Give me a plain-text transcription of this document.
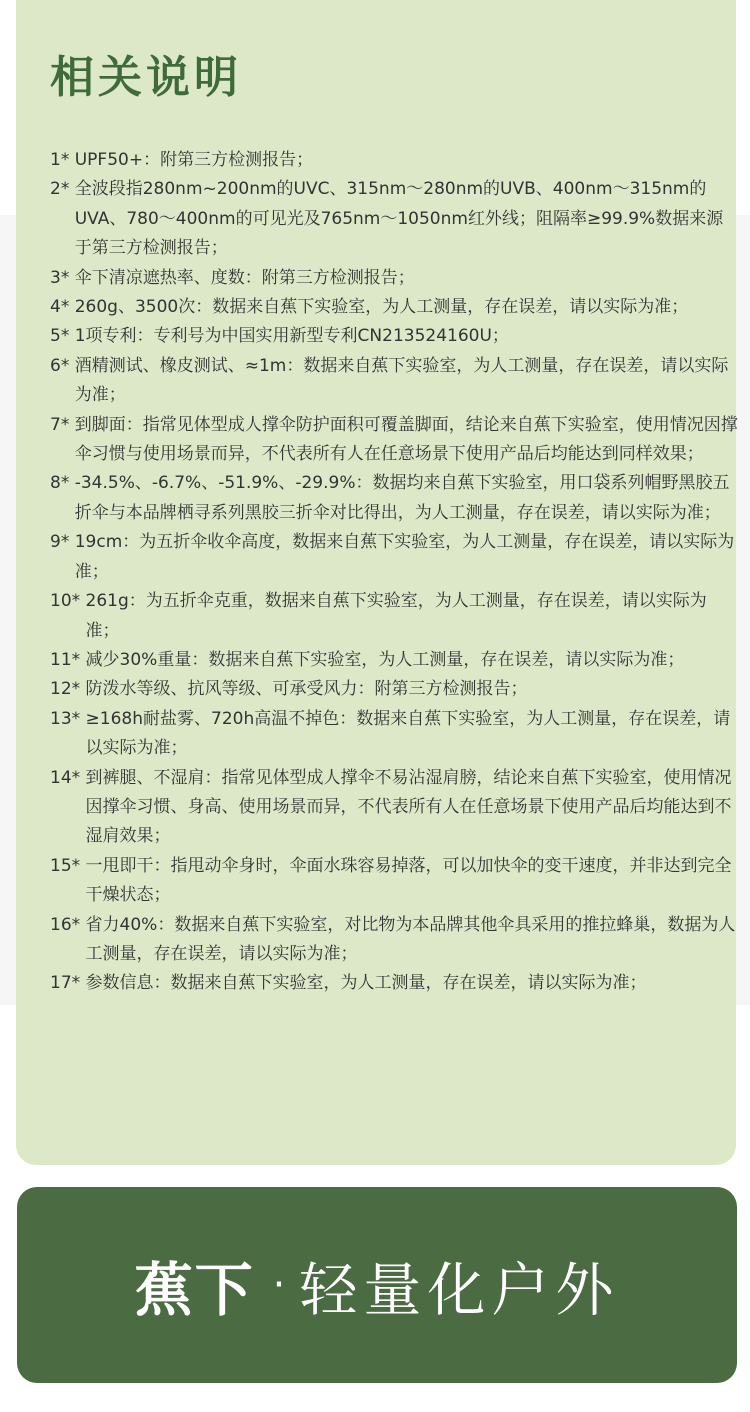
相关说明
1* UPF50+：附第三方检测报告；
2* 全波段指280nm~200nm的UVC、315nm～280nm的UVB、400nm～315nm的UVA、780～400nm的可见光及765nm～1050nm红外线；阻隔率≥99.9%数据来源于第三方检测报告；
3* 伞下清凉遮热率、度数：附第三方检测报告；
4* 260g、3500次：数据来自蕉下实验室，为人工测量，存在误差，请以实际为准；
5* 1项专利：专利号为中国实用新型专利CN213524160U；
6* 酒精测试、橡皮测试、≈1m：数据来自蕉下实验室，为人工测量，存在误差，请以实际为准；
7* 到脚面：指常见体型成人撑伞防护面积可覆盖脚面，结论来自蕉下实验室，使用情况因撑伞习惯与使用场景而异，不代表所有人在任意场景下使用产品后均能达到同样效果；
8* -34.5%、-6.7%、-51.9%、-29.9%：数据均来自蕉下实验室，用口袋系列帽野黑胶五折伞与本品牌栖寻系列黑胶三折伞对比得出，为人工测量，存在误差，请以实际为准；
9* 19cm：为五折伞收伞高度，数据来自蕉下实验室，为人工测量，存在误差，请以实际为准；
10* 261g：为五折伞克重，数据来自蕉下实验室，为人工测量，存在误差，请以实际为准；
11* 减少30%重量：数据来自蕉下实验室，为人工测量，存在误差，请以实际为准；
12* 防泼水等级、抗风等级、可承受风力：附第三方检测报告；
13* ≥168h耐盐雾、720h高温不掉色：数据来自蕉下实验室，为人工测量，存在误差，请以实际为准；
14* 到裤腿、不湿肩：指常见体型成人撑伞不易沾湿肩膀，结论来自蕉下实验室，使用情况因撑伞习惯、身高、使用场景而异，不代表所有人在任意场景下使用产品后均能达到不湿肩效果；
15* 一甩即干：指甩动伞身时，伞面水珠容易掉落，可以加快伞的变干速度，并非达到完全干燥状态；
16* 省力40%：数据来自蕉下实验室，对比物为本品牌其他伞具采用的推拉蜂巢，数据为人工测量，存在误差，请以实际为准；
17* 参数信息：数据来自蕉下实验室，为人工测量，存在误差，请以实际为准；
蕉下 · 轻量化户外
